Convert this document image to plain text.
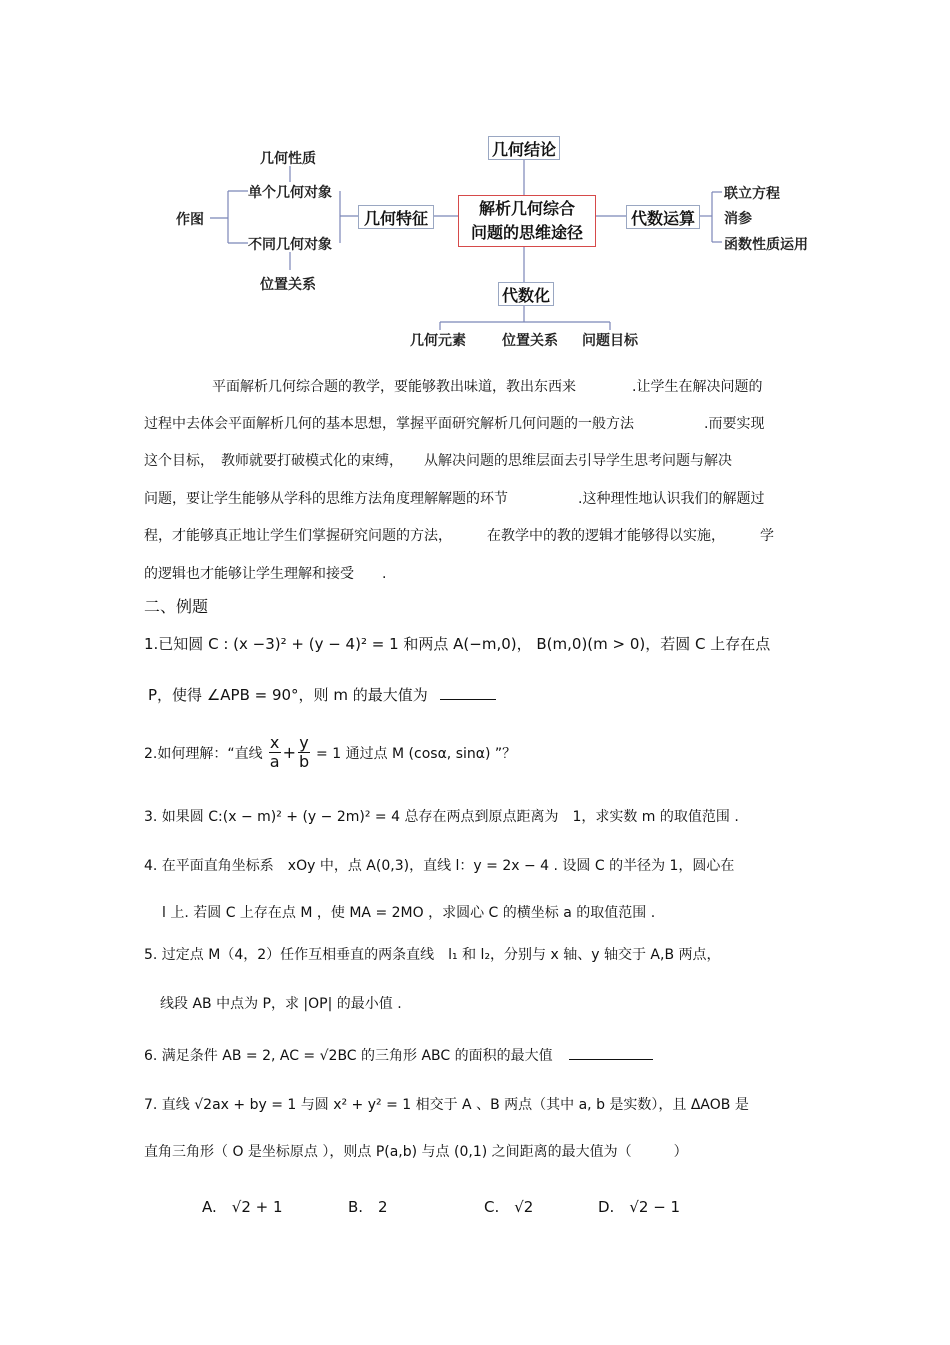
解析几何综合
问题的思维途径
几何结论
代数化
几何特征	代数运算
作图
单个几何对象
不同几何对象
几何性质
位置关系
联立方程
消参
函数性质运用
几何元素	位置关系 问题目标
平面解析几何综合题的教学，要能够教出味道，教出东西来　　　　.让学生在解决问题的
过程中去体会平面解析几何的基本思想，掌握平面研究解析几何问题的一般方法　　　　　.而要实现
这个目标，　教师就要打破模式化的束缚，　　从解决问题的思维层面去引导学生思考问题与解决
问题，要让学生能够从学科的思维方法角度理解解题的环节　　　　　.这种理性地认识我们的解题过
程，才能够真正地让学生们掌握研究问题的方法，　　　在教学中的教的逻辑才能够得以实施，　　　学
的逻辑也才能够让学生理解和接受　　.
二、例题
1.已知圆 C : (x −3)² + (y − 4)² = 1 和两点 A(−m,0)， B(m,0)(m > 0)，若圆 C 上存在点
P，使得 ∠APB = 90°，则 m 的最大值为
2.如何理解：“直线 $\frac{x}{a} + \frac{y}{b} = 1$ 通过点 M (cosα, sinα) ”？
3. 如果圆 C:(x − m)² + (y − 2m)² = 4 总存在两点到原点距离为　1，求实数 m 的取值范围 .
4. 在平面直角坐标系　xOy 中，点 A(0,3)，直线 l：y = 2x − 4 . 设圆 C 的半径为 1，圆心在
l 上. 若圆 C 上存在点 M ，使 MA = 2MO ，求圆心 C 的横坐标 a 的取值范围 .
5. 过定点 M（4，2）任作互相垂直的两条直线　l₁ 和 l₂，分别与 x 轴、y 轴交于 A,B 两点，
线段 AB 中点为 P，求 |OP| 的最小值 .
6. 满足条件 AB = 2, AC = √2BC 的三角形 ABC 的面积的最大值
7. 直线 √2ax + by = 1 与圆 x² + y² = 1 相交于 A 、B 两点（其中 a, b 是实数），且 ΔAOB 是
直角三角形（ O 是坐标原点 ），则点 P(a,b) 与点 (0,1) 之间距离的最大值为（　　　）
A.　√2 + 1	B.　2	C.　√2	D.　√2 − 1
